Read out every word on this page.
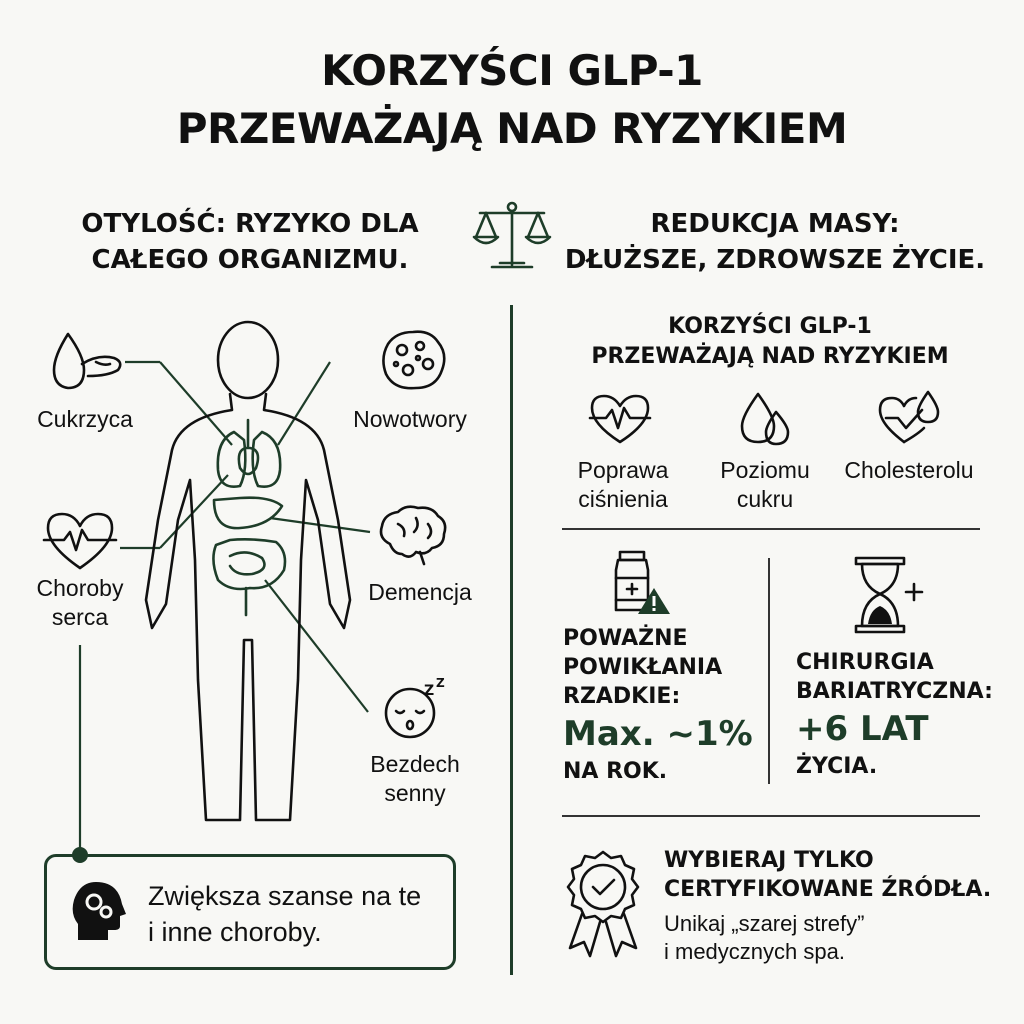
KORZYŚCI GLP-1
PRZEWAŻAJĄ NAD RYZYKIEM
OTYLOŚĆ: RYZYKO DLA
CAŁEGO ORGANIZMU.
REDUKCJA MASY:
DŁUŻSZE, ZDROWSZE ŻYCIE.
Cukrzyca
Choroby
serca
Nowotwory
Demencja
Z Z
Bezdech
senny
Zwiększa szanse na te
i inne choroby.
KORZYŚCI GLP-1
PRZEWAŻAJĄ NAD RYZYKIEM
Poprawa
ciśnienia
Poziomu
cukru
Cholesterolu
POWAŻNE
POWIKŁANIA
RZADKIE:
Max. ~1%
NA ROK.
CHIRURGIA
BARIATRYCZNA:
+6 LAT
ŻYCIA.
WYBIERAJ TYLKO
CERTYFIKOWANE ŹRÓDŁA.
Unikaj „szarej strefy”
i medycznych spa.
